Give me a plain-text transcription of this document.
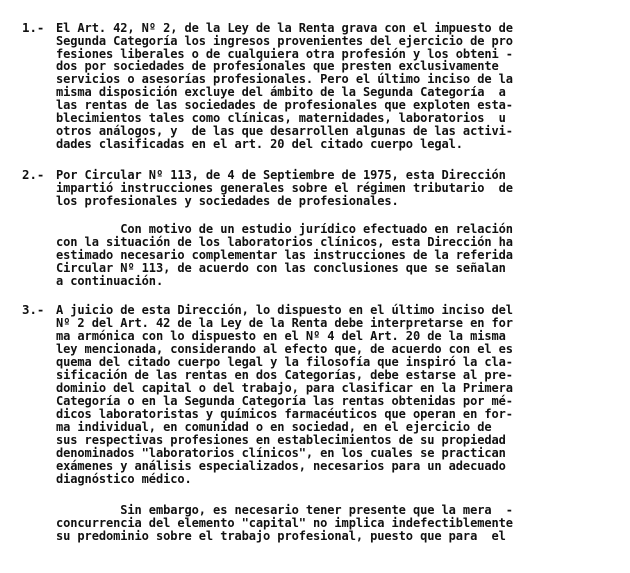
1.- El Art. 42, Nº 2, de la Ley de la Renta grava con el impuesto de
Segunda Categoría los ingresos provenientes del ejercicio de pro
fesiones liberales o de cualquiera otra profesión y los obteni -
dos por sociedades de profesionales que presten exclusivamente
servicios o asesorías profesionales. Pero el último inciso de la
misma disposición excluye del ámbito de la Segunda Categoría  a
las rentas de las sociedades de profesionales que exploten esta-
blecimientos tales como clínicas, maternidades, laboratorios  u
otros análogos, y  de las que desarrollen algunas de las activi-
dades clasificadas en el art. 20 del citado cuerpo legal.
2.- Por Circular Nº 113, de 4 de Septiembre de 1975, esta Dirección
impartió instrucciones generales sobre el régimen tributario  de
los profesionales y sociedades de profesionales.
Con motivo de un estudio jurídico efectuado en relación
con la situación de los laboratorios clínicos, esta Dirección ha
estimado necesario complementar las instrucciones de la referida
Circular Nº 113, de acuerdo con las conclusiones que se señalan
a continuación.
3.- A juicio de esta Dirección, lo dispuesto en el último inciso del
Nº 2 del Art. 42 de la Ley de la Renta debe interpretarse en for
ma armónica con lo dispuesto en el Nº 4 del Art. 20 de la misma
ley mencionada, considerando al efecto que, de acuerdo con el es
quema del citado cuerpo legal y la filosofía que inspiró la cla-
sificación de las rentas en dos Categorías, debe estarse al pre-
dominio del capital o del trabajo, para clasificar en la Primera
Categoría o en la Segunda Categoría las rentas obtenidas por mé-
dicos laboratoristas y químicos farmacéuticos que operan en for-
ma individual, en comunidad o en sociedad, en el ejercicio de
sus respectivas profesiones en establecimientos de su propiedad
denominados "laboratorios clínicos", en los cuales se practican
exámenes y análisis especializados, necesarios para un adecuado
diagnóstico médico.
Sin embargo, es necesario tener presente que la mera  -
concurrencia del elemento "capital" no implica indefectiblemente
su predominio sobre el trabajo profesional, puesto que para  el
